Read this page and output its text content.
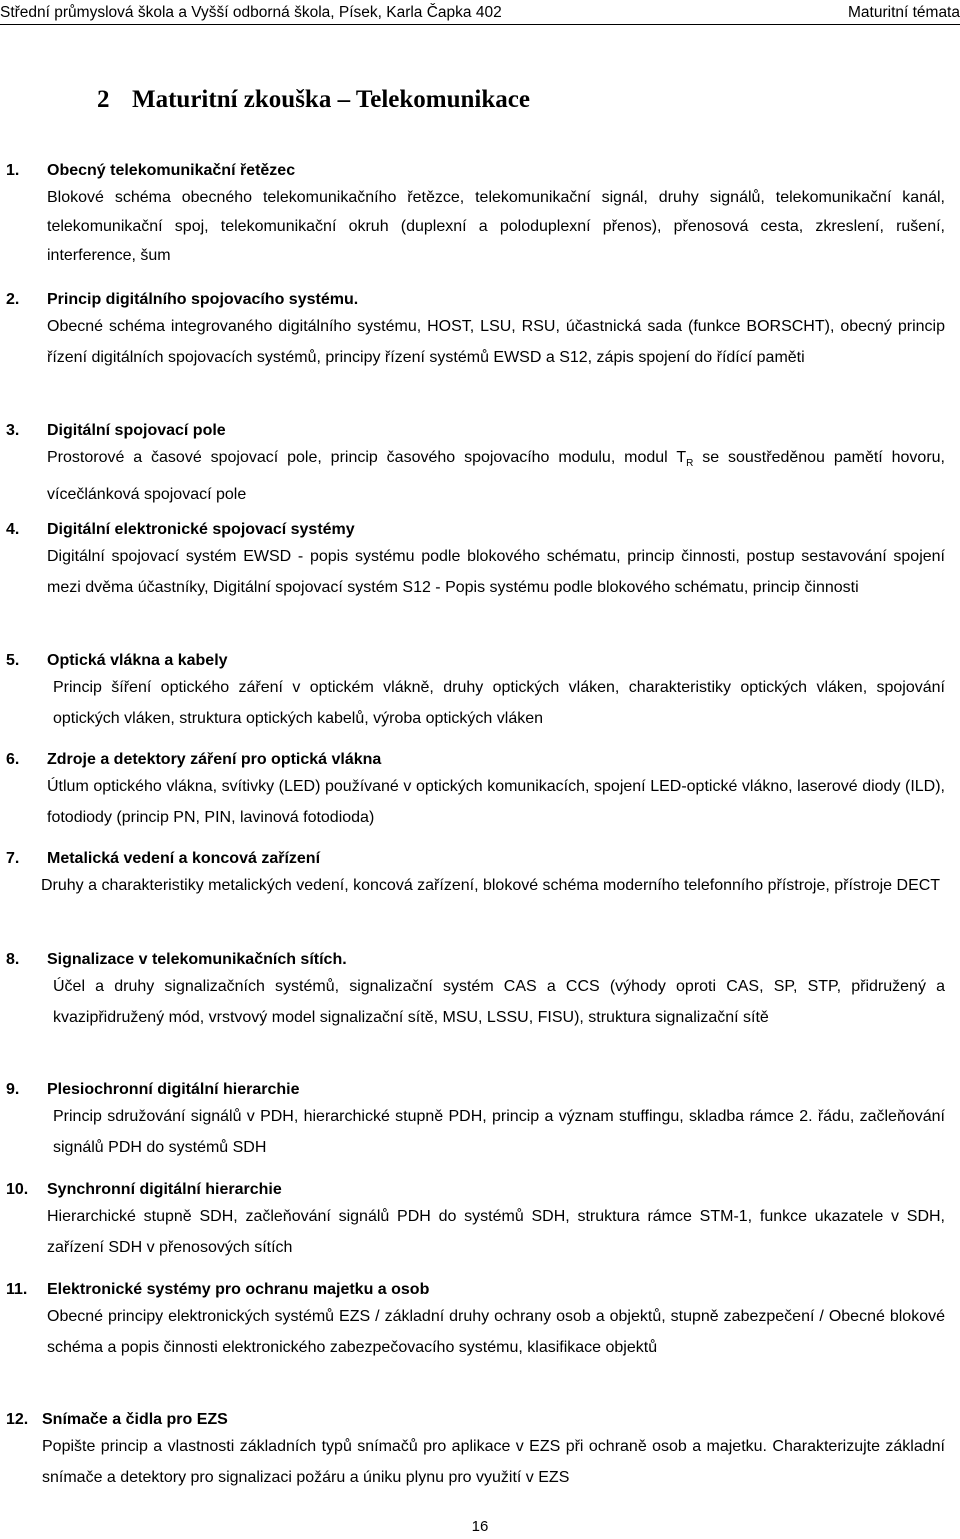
Střední průmyslová škola a Vyšší odborná škola, Písek, Karla Čapka 402	Maturitní témata
2 Maturitní zkouška – Telekomunikace
1. Obecný telekomunikační řetězec
Blokové schéma obecného telekomunikačního řetězce, telekomunikační signál, druhy signálů, telekomunikační kanál, telekomunikační spoj, telekomunikační okruh (duplexní a poloduplexní přenos), přenosová cesta, zkreslení, rušení, interference, šum
2. Princip digitálního spojovacího systému.
Obecné schéma integrovaného digitálního systému, HOST, LSU, RSU, účastnická sada (funkce BORSCHT), obecný princip řízení digitálních spojovacích systémů, principy řízení systémů EWSD a S12, zápis spojení do řídící paměti
3. Digitální spojovací pole
Prostorové a časové spojovací pole, princip časového spojovacího modulu, modul $T_R$ se soustředěnou pamětí hovoru, vícečlánková spojovací pole
4. Digitální elektronické spojovací systémy
Digitální spojovací systém EWSD - popis systému podle blokového schématu, princip činnosti, postup sestavování spojení mezi dvěma účastníky, Digitální spojovací systém S12 - Popis systému podle blokového schématu, princip činnosti
5. Optická vlákna a kabely
Princip šíření optického záření v optickém vlákně, druhy optických vláken, charakteristiky optických vláken, spojování optických vláken, struktura optických kabelů, výroba optických vláken
6. Zdroje a detektory záření pro optická vlákna
Útlum optického vlákna, svítivky (LED) používané v optických komunikacích, spojení LED-optické vlákno, laserové diody (ILD), fotodiody (princip PN, PIN, lavinová fotodioda)
7. Metalická vedení a koncová zařízení
Druhy a charakteristiky metalických vedení, koncová zařízení, blokové schéma moderního telefonního přístroje, přístroje DECT
8. Signalizace v telekomunikačních sítích.
Účel a druhy signalizačních systémů, signalizační systém CAS a CCS (výhody oproti CAS, SP, STP, přidružený a kvazipřidružený mód, vrstvový model signalizační sítě, MSU, LSSU, FISU), struktura signalizační sítě
9. Plesiochronní digitální hierarchie
Princip sdružování signálů v PDH, hierarchické stupně PDH, princip a význam stuffingu, skladba rámce 2. řádu, začleňování signálů PDH do systémů SDH
10. Synchronní digitální hierarchie
Hierarchické stupně SDH, začleňování signálů PDH do systémů SDH, struktura rámce STM-1, funkce ukazatele v SDH, zařízení SDH v přenosových sítích
11. Elektronické systémy pro ochranu majetku a osob
Obecné principy elektronických systémů EZS / základní druhy ochrany osob a objektů, stupně zabezpečení / Obecné blokové schéma a popis činnosti elektronického zabezpečovacího systému, klasifikace objektů
12. Snímače a čidla pro EZS
Popište princip a vlastnosti základních typů snímačů pro aplikace v EZS při ochraně osob a majetku. Charakterizujte základní snímače a detektory pro signalizaci požáru a úniku plynu pro využití v EZS
16
